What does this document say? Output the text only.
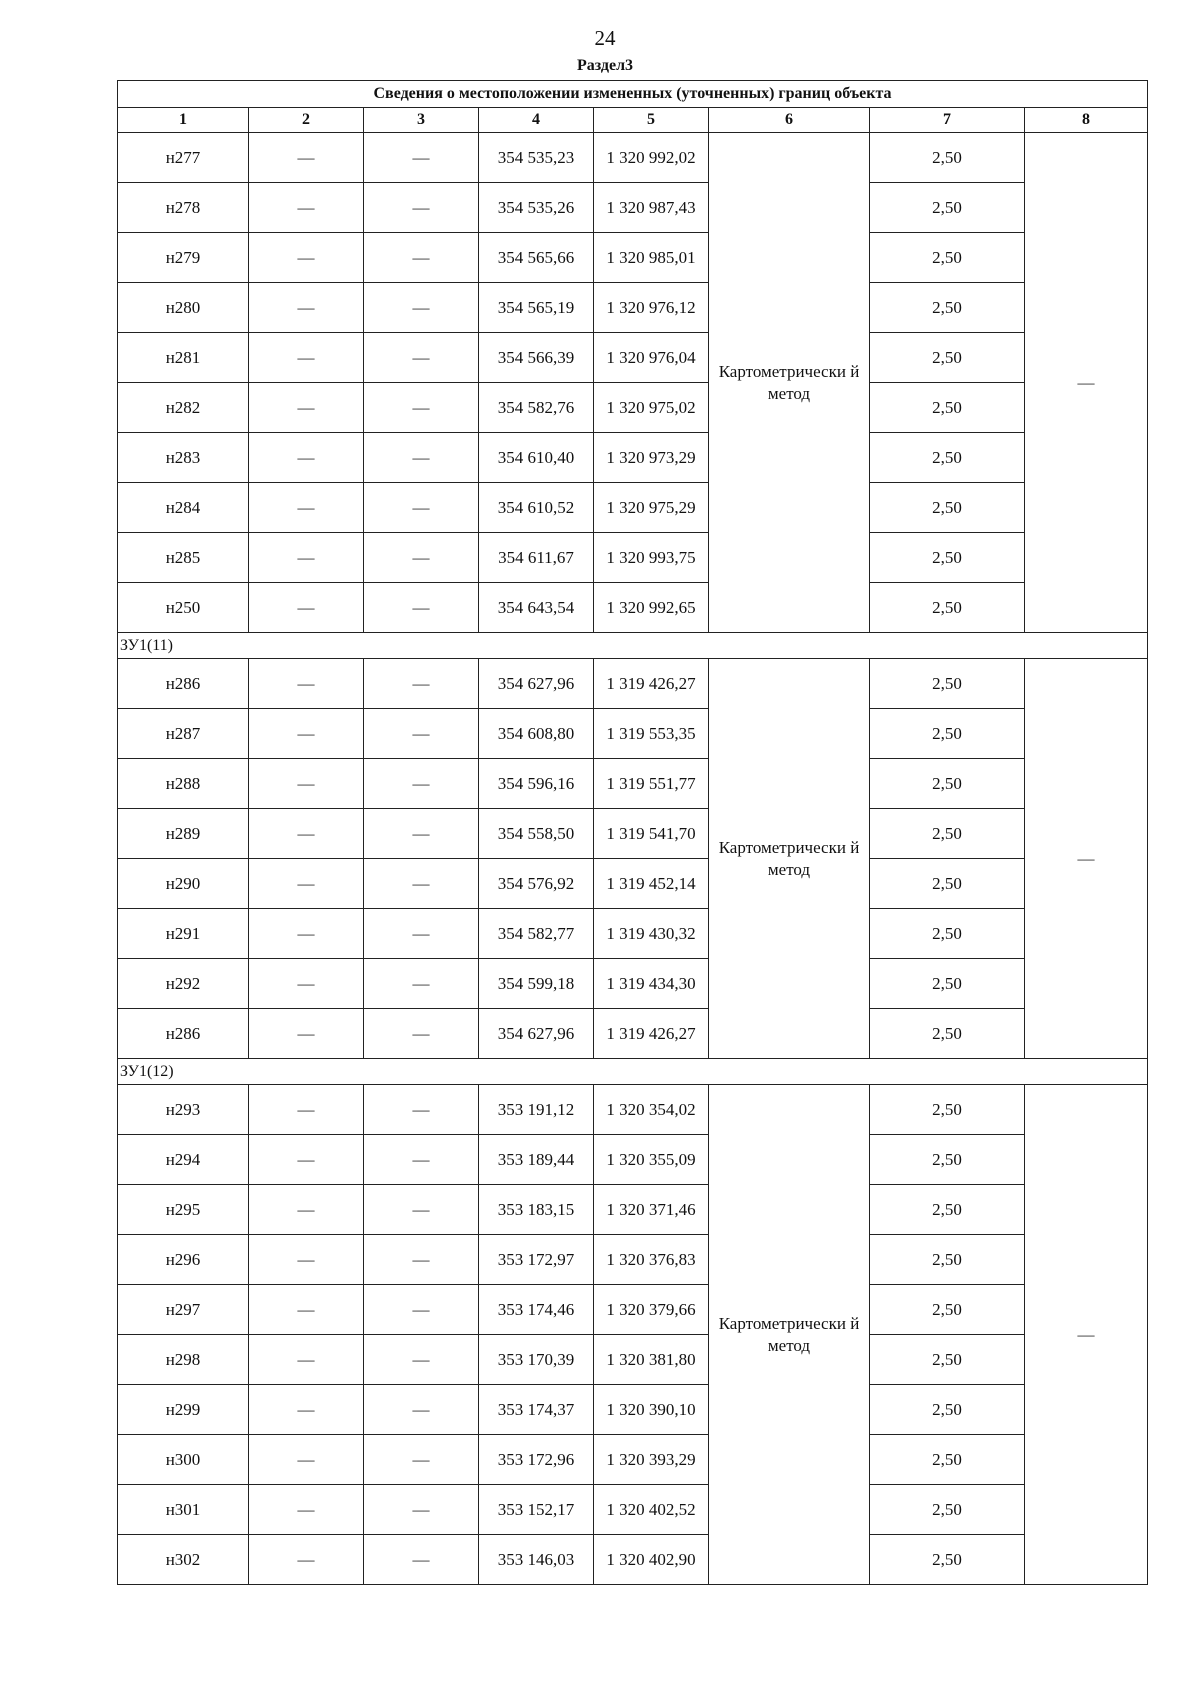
24
Раздел3
Сведения о местоположении измененных (уточненных) границ объекта							
1	2	3	4	5	6	7	8
н277	—	—	354 535,23	1 320 992,02	Картометрически й метод	2,50	—
н278	—	—	354 535,26	1 320 987,43		2,50	
н279	—	—	354 565,66	1 320 985,01		2,50	
н280	—	—	354 565,19	1 320 976,12		2,50	
н281	—	—	354 566,39	1 320 976,04		2,50	
н282	—	—	354 582,76	1 320 975,02		2,50	
н283	—	—	354 610,40	1 320 973,29		2,50	
н284	—	—	354 610,52	1 320 975,29		2,50	
н285	—	—	354 611,67	1 320 993,75		2,50	
н250	—	—	354 643,54	1 320 992,65		2,50	
ЗУ1(11)							
н286	—	—	354 627,96	1 319 426,27	Картометрически й метод	2,50	—
н287	—	—	354 608,80	1 319 553,35		2,50	
н288	—	—	354 596,16	1 319 551,77		2,50	
н289	—	—	354 558,50	1 319 541,70		2,50	
н290	—	—	354 576,92	1 319 452,14		2,50	
н291	—	—	354 582,77	1 319 430,32		2,50	
н292	—	—	354 599,18	1 319 434,30		2,50	
н286	—	—	354 627,96	1 319 426,27		2,50	
ЗУ1(12)							
н293	—	—	353 191,12	1 320 354,02	Картометрически й метод	2,50	—
н294	—	—	353 189,44	1 320 355,09		2,50	
н295	—	—	353 183,15	1 320 371,46		2,50	
н296	—	—	353 172,97	1 320 376,83		2,50	
н297	—	—	353 174,46	1 320 379,66		2,50	
н298	—	—	353 170,39	1 320 381,80		2,50	
н299	—	—	353 174,37	1 320 390,10		2,50	
н300	—	—	353 172,96	1 320 393,29		2,50	
н301	—	—	353 152,17	1 320 402,52		2,50	
н302	—	—	353 146,03	1 320 402,90		2,50	
